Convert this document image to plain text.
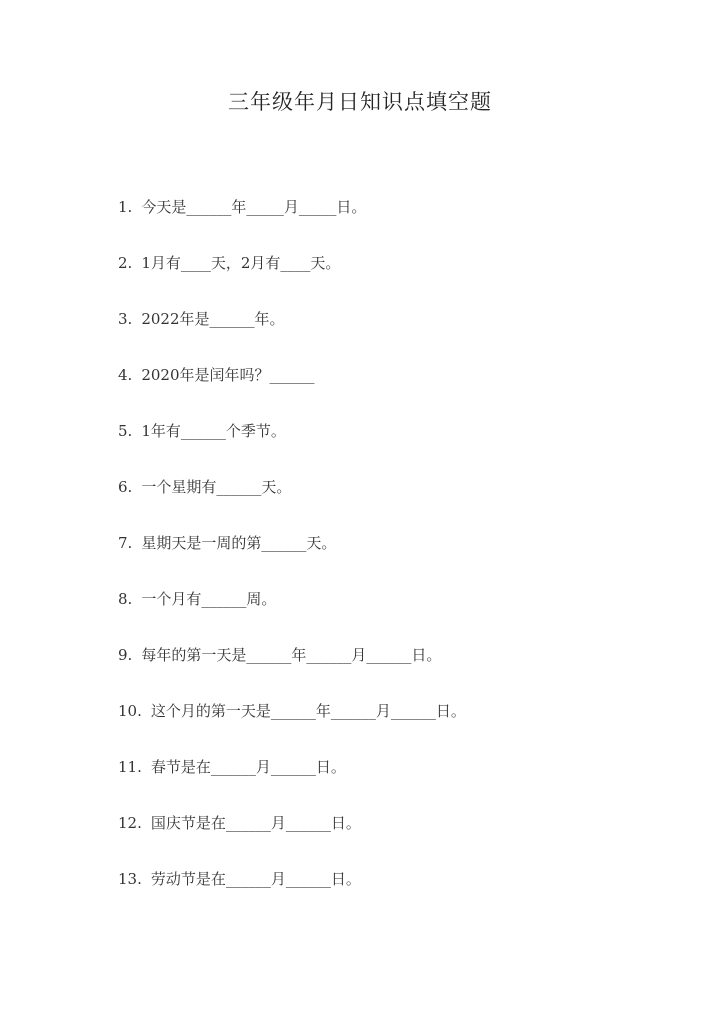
三年级年月日知识点填空题
1. 今天是______年_____月_____日。
2. 1月有____天，2月有____天。
3. 2022年是______年。
4. 2020年是闰年吗？______
5. 1年有______个季节。
6. 一个星期有______天。
7. 星期天是一周的第______天。
8. 一个月有______周。
9. 每年的第一天是______年______月______日。
10. 这个月的第一天是______年______月______日。
11. 春节是在______月______日。
12. 国庆节是在______月______日。
13. 劳动节是在______月______日。
